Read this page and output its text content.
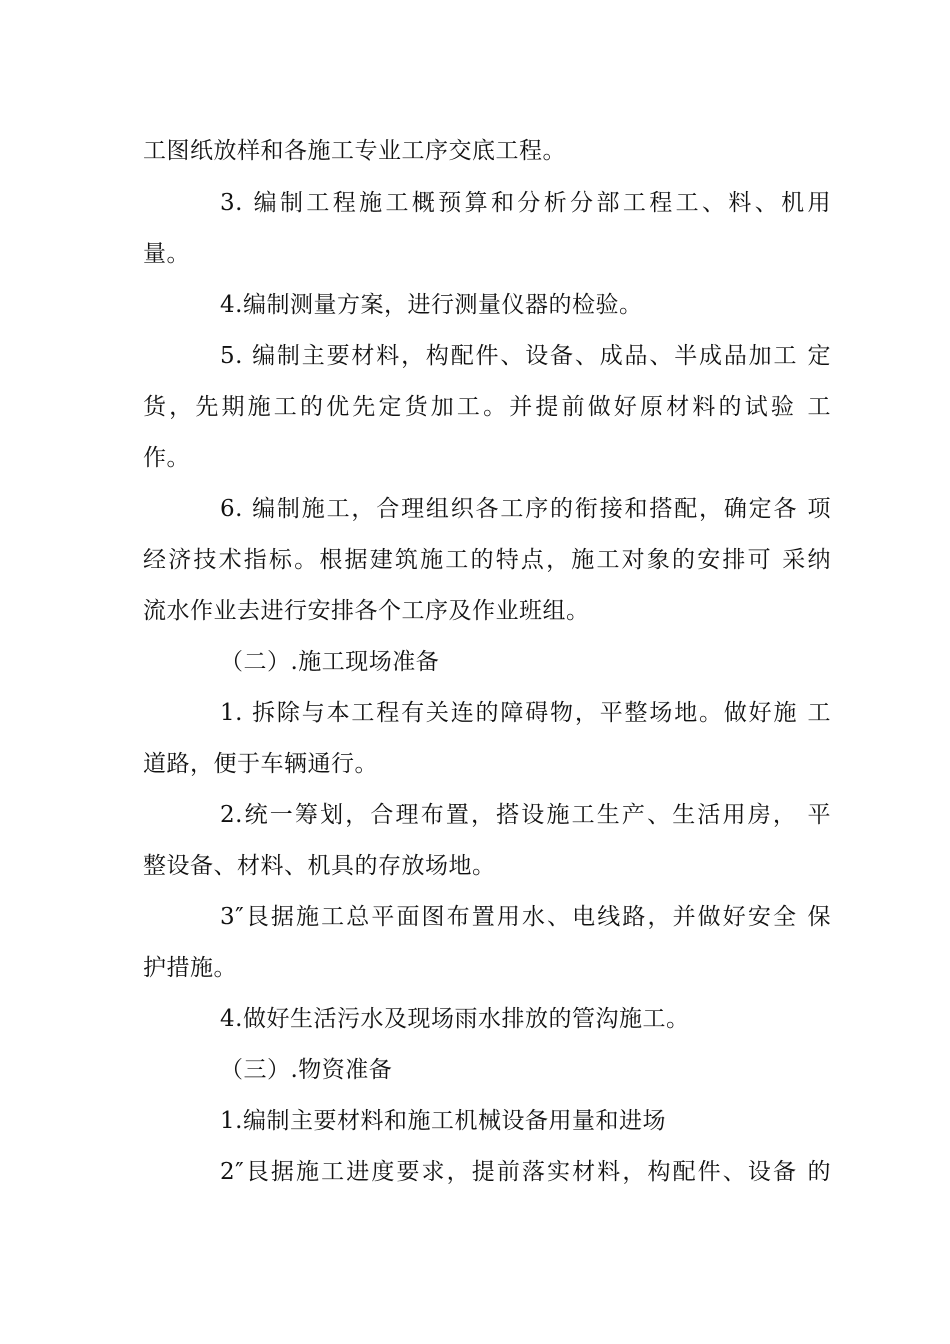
工图纸放样和各施工专业工序交底工程。
3. 编制工程施工概预算和分析分部工程工、料、机用
量。
4.编制测量方案，进行测量仪器的检验。
5. 编制主要材料，构配件、设备、成品、半成品加工 定
货，先期施工的优先定货加工。并提前做好原材料的试验 工
作。
6. 编制施工，合理组织各工序的衔接和搭配，确定各 项
经济技术指标。根据建筑施工的特点，施工对象的安排可 采纳
流水作业去进行安排各个工序及作业班组。
（二）.施工现场准备
1. 拆除与本工程有关连的障碍物，平整场地。做好施 工
道路，便于车辆通行。
2.统一筹划，合理布置，搭设施工生产、生活用房， 平
整设备、材料、机具的存放场地。
3″艮据施工总平面图布置用水、电线路，并做好安全 保
护措施。
4.做好生活污水及现场雨水排放的管沟施工。
（三）.物资准备
1.编制主要材料和施工机械设备用量和进场
2″艮据施工进度要求，提前落实材料，构配件、设备 的
